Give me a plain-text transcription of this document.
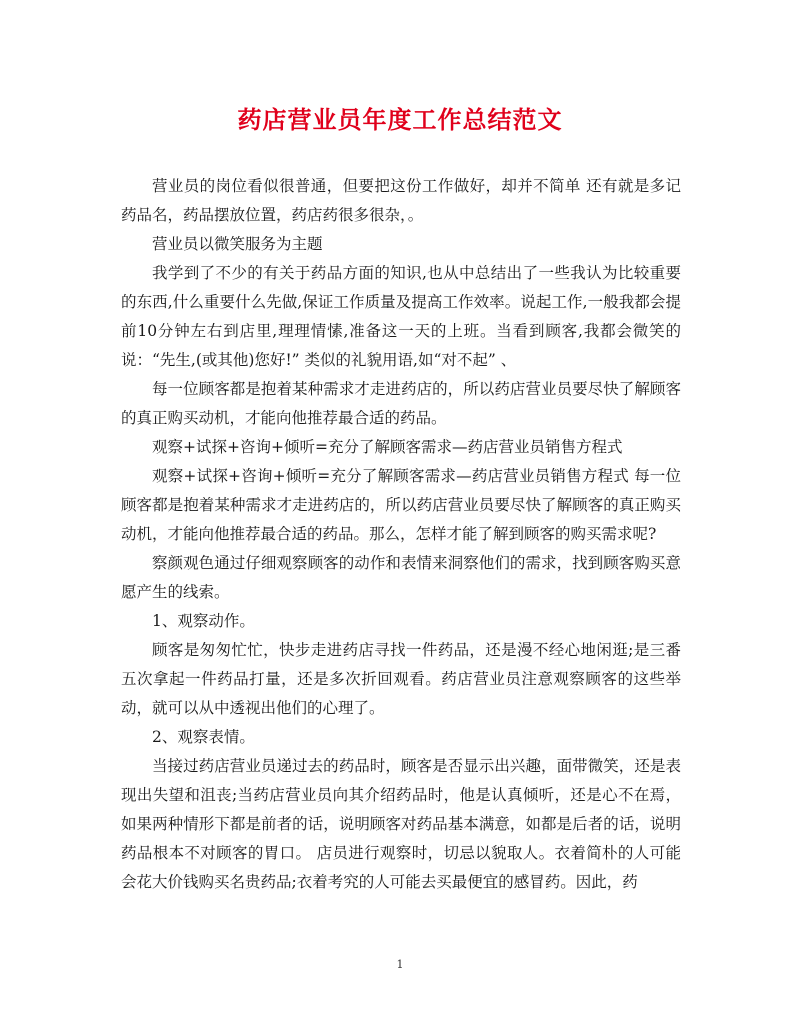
药店营业员年度工作总结范文

营业员的岗位看似很普通，但要把这份工作做好，却并不简单 还有就是多记药品名，药品摆放位置，药店药很多很杂，。

营业员以微笑服务为主题

我学到了不少的有关于药品方面的知识,也从中总结出了一些我认为比较重要的东西,什么重要什么先做,保证工作质量及提高工作效率。说起工作,一般我都会提前10分钟左右到店里,理理情愫,准备这一天的上班。当看到顾客,我都会微笑的说：“先生,(或其他)您好!” 类似的礼貌用语,如“对不起” 、

每一位顾客都是抱着某种需求才走进药店的，所以药店营业员要尽快了解顾客的真正购买动机，才能向他推荐最合适的药品。

观察+试探+咨询+倾听=充分了解顾客需求—药店营业员销售方程式

观察+试探+咨询+倾听=充分了解顾客需求—药店营业员销售方程式 每一位顾客都是抱着某种需求才走进药店的，所以药店营业员要尽快了解顾客的真正购买动机，才能向他推荐最合适的药品。那么，怎样才能了解到顾客的购买需求呢?

察颜观色通过仔细观察顾客的动作和表情来洞察他们的需求，找到顾客购买意愿产生的线索。

1、观察动作。

顾客是匆匆忙忙，快步走进药店寻找一件药品，还是漫不经心地闲逛;是三番五次拿起一件药品打量，还是多次折回观看。药店营业员注意观察顾客的这些举动，就可以从中透视出他们的心理了。

2、观察表情。

当接过药店营业员递过去的药品时，顾客是否显示出兴趣，面带微笑，还是表现出失望和沮丧;当药店营业员向其介绍药品时，他是认真倾听，还是心不在焉，如果两种情形下都是前者的话，说明顾客对药品基本满意，如都是后者的话，说明药品根本不对顾客的胃口。 店员进行观察时，切忌以貌取人。衣着简朴的人可能会花大价钱购买名贵药品;衣着考究的人可能去买最便宜的感冒药。因此，药

1
